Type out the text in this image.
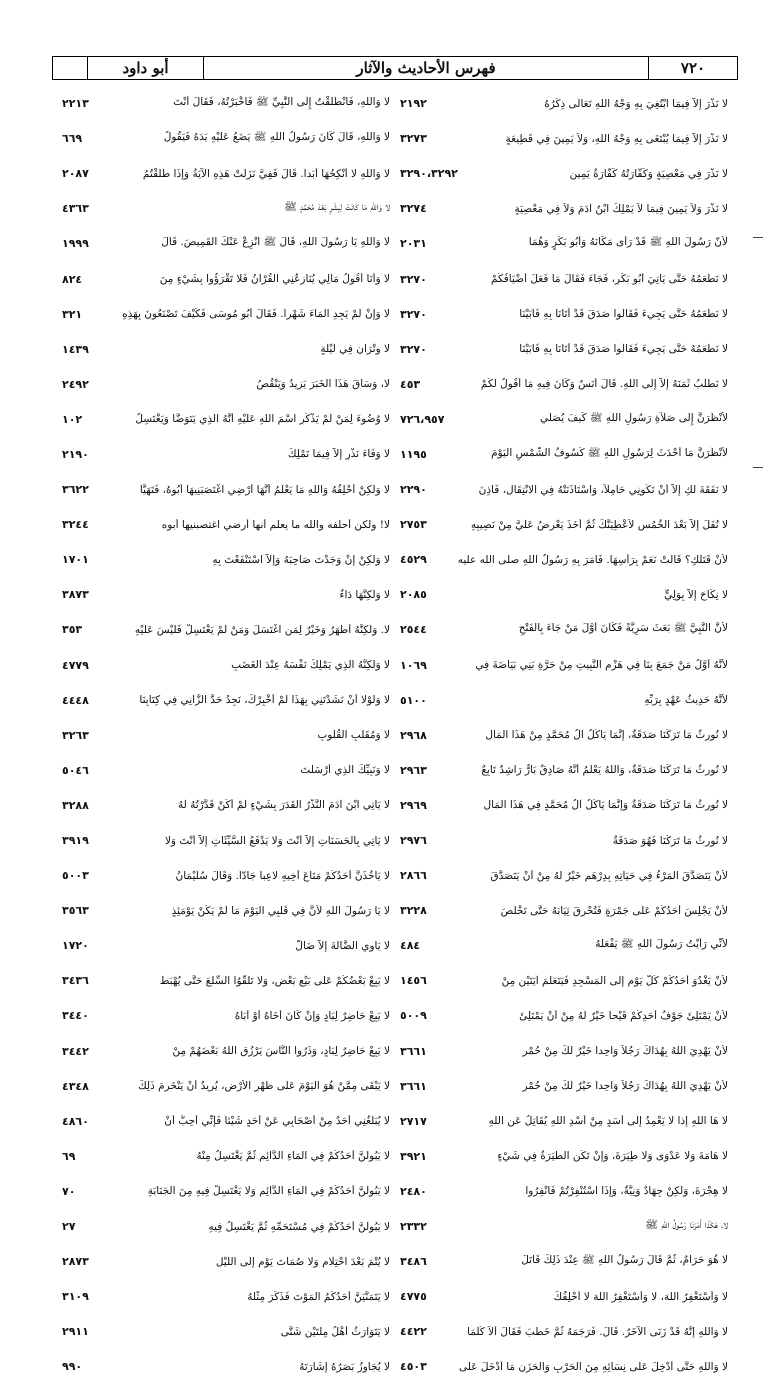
٧٢٠
فهرس الأحاديث والآثار
أبو داود
لا نَذْرَ إلاَّ فِيمَا ابْتُغِيَ بِهِ وَجْهُ اللهِ تَعَالَى ذِكْرُهُ
٢١٩٢
لا نَذْرَ إلاَّ فِيمَا يُبْتَغَى بِهِ وَجْهُ اللهِ، وَلاَ يَمِينَ فِي قَطِيعَةٍ
٣٢٧٣
لا نَذْرَ فِي مَعْصِيَةٍ وَكَفَّارَتُهُ كَفَّارَةُ يَمِينٍ
٣٢٩٠،٣٢٩٢
لا نَذْرَ وَلاَ يَمِينَ فِيمَا لاَ يَمْلِكُ ابْنُ آدَمَ وَلاَ فِي مَعْصِيَةٍ
٣٢٧٤
لأنّ رَسُولَ اللهِ ﷺ قَدْ رَأَى مَكَانَهُ وَأَبُو بَكْرٍ وَهُمَا
٢٠٣١
لا نَطْعَمُهُ حَتَّى يَأْتِيَ أَبُو بَكْرٍ، فَجَاءَ فَقَالَ مَا فَعَلَ أَضْيَافُكُمْ
٣٢٧٠
لا نَطْعَمُهُ حَتَّى يَجِيءَ فَقَالُوا صَدَقَ قَدْ أَتَانَا بِهِ فَأَبَيْنَا
٣٢٧٠
لا نَطْعَمُهُ حَتَّى يَجِيءَ فَقَالُوا صَدَقَ قَدْ أَتَانَا بِهِ فَأَبَيْنَا
٣٢٧٠
لا نَطْلُبُ ثَمَنَهُ إلاَّ إِلَى اللهِ. قَالَ أَنَسٌ وَكَانَ فِيهِ مَا أَقُولُ لَكُمْ
٤٥٣
لأَنْظُرَنَّ إِلَى صَلاَةِ رَسُولِ اللهِ ﷺ كَيفَ يُصَلِّي
٧٢٦،٩٥٧
لأَنْظُرَنَّ مَا أَحْدَثَ لِرَسُولِ اللهِ ﷺ كُسُوفُ الشَّمْسِ اليَوْمَ
١١٩٥
لا نَفَقَةَ لَكِ إِلاَّ أَنْ تَكُونِي حَامِلاً، وَاسْتَأْذَنَتْهُ فِي الانْتِقَالِ، فَأَذِنَ
٢٢٩٠
لا نُفَلَ إِلاَّ بَعْدَ الخُمُسِ لأُعْطِيَنَّكَ ثُمَّ أَخَذَ يَعْرِضُ عَلَيَّ مِنْ نَصِيبِهِ
٢٧٥٣
لأَنْ قَتَلَكِ؟ قَالَتْ نَعَمْ بِرَأْسِهَا. فَأَمَرَ بِهِ رَسُولُ اللهِ صلى الله عليه
٤٥٢٩
لا نِكَاحَ إِلاَّ بِوَلِيٍّ
٢٠٨٥
لأَنَّ النَّبِيَّ ﷺ بَعَثَ سَرِيَّةً فَكَانَ أَوَّلَ مَنْ جَاءَ بِالفَتْحِ
٢٥٤٤
لأَنَّهُ أَوَّلُ مَنْ جَمَعَ بِنَا فِي هَزْمِ النَّبِيتِ مِنْ حَرَّةِ بَنِي بَيَاضَةَ فِي
١٠٦٩
لأَنَّهُ حَدِيثُ عَهْدٍ بِرَبِّهِ
٥١٠٠
لا نُورِثُ مَا تَرَكْنَا صَدَقَةٌ، إِنَّمَا يَأْكُلُ آلُ مُحَمَّدٍ مِنْ هَذَا المَالِ
٢٩٦٨
لا نُورِثُ مَا تَرَكْنَا صَدَقَةٌ، وَاللهُ يَعْلَمُ أَنَّهُ صَادِقٌ بَارٌّ رَاشِدٌ تَابِعٌ
٢٩٦٣
لا نُورِثُ مَا تَرَكْنَا صَدَقَةٌ وَإِنَّمَا يَأْكُلُ آلُ مُحَمَّدٍ فِي هَذَا المَالِ
٢٩٦٩
لا نُورِثُ مَا تَرَكْنَا فَهُوَ صَدَقَةٌ
٢٩٧٦
لأَنْ يَتَصَدَّقَ المَرْءُ فِي حَيَاتِهِ بِدِرْهَمٍ خَيْرٌ لَهُ مِنْ أَنْ يَتَصَدَّقَ
٢٨٦٦
لأَنْ يَجْلِسَ أَحَدُكُمْ عَلَى جَمْرَةٍ فَتُحْرِقَ ثِيَابَهُ حَتَّى تَخْلُصَ
٣٢٢٨
لأَنِّي رَأَيْتُ رَسُولَ اللهِ ﷺ يَفْعَلُهُ
٤٨٤
لأَنْ يَغْدُوَ أَحَدُكُمْ كُلَّ يَوْمٍ إِلَى المَسْجِدِ فَيَتَعَلَّمَ آيَتَيْنِ مِنْ
١٤٥٦
لأَنْ يَمْتَلِئَ جَوْفُ أَحَدِكُمْ قَيْحاً خَيْرٌ لَهُ مِنْ أَنْ يَمْتَلِئَ
٥٠٠٩
لأَنْ يَهْدِيَ اللهُ بِهُدَاكَ رَجُلاً وَاحِداً خَيْرٌ لَكَ مِنْ حُمْرِ
٣٦٦١
لأَنْ يَهْدِيَ اللهُ بِهُدَاكَ رَجُلاً وَاحِداً خَيْرٌ لَكَ مِنْ حُمْرِ
٣٦٦١
لا هَا اللهِ إِذاً لا يَعْمِدُ إِلَى أَسَدٍ مِنْ أُسْدِ اللهِ يُقَاتِلُ عَنِ اللهِ
٢٧١٧
لا هَامَةَ وَلا عَدْوَى وَلا طِيَرَةَ، وَإِنْ تَكُنِ الطِّيَرَةُ فِي شَيْءٍ
٣٩٢١
لا هِجْرَةَ، وَلَكِنْ جِهَادٌ وَنِيَّةٌ، وَإِذَا اسْتُنْفِرْتُمْ فَانْفِرُوا
٢٤٨٠
لا، هَكَذَا أَمَرَنَا رَسُولُ اللهِ ﷺ
٢٣٣٢
لا هُوَ حَرَامٌ، ثُمَّ قَالَ رَسُولُ اللهِ ﷺ عِنْدَ ذَلِكَ قَاتَلَ
٣٤٨٦
لا وَأَسْتَغْفِرُ اللهَ، لا وَأَسْتَغْفِرُ اللهَ لا أَحْلِفُكَ
٤٧٧٥
لا وَاللهِ إِنَّهُ قَدْ زَنَى الآخَرُ. قَالَ. فَرَجَمَهُ ثُمَّ خَطَبَ فَقَالَ أَلاَ كُلَّمَا
٤٤٢٢
لا وَاللهِ حَتَّى أُدْخِلَ عَلَى نِسَائِهِ مِنَ الحَرْبِ وَالحَزَنِ مَا أَدْخَلَ عَلَى
٤٥٠٣
لا وَاللهِ، فَانْطَلَقْتُ إِلَى النَّبِيِّ ﷺ فَأَخْبَرْتُهُ، فَقَالَ أَنْتَ
٢٢١٣
لا وَاللهِ، قَالَ كَانَ رَسُولُ اللهِ ﷺ يَضَعُ عَلَيْهِ يَدَهُ فَيَقُولُ
٦٦٩
لا وَاللهِ لا أَنْكِحُهَا أَبَداً. قَالَ فَفِيَّ نَزَلَتْ هَذِهِ الآيَةُ وَإِذَا طَلَّقْتُمُ
٢٠٨٧
لا وَاللهِ مَا كَانَتْ لِبِشْرٍ بَعْدَ مُحَمَّدٍ ﷺ
٤٣٦٣
لا وَاللهِ يَا رَسُولَ اللهِ، قَالَ ﷺ انْزِعْ عَنْكَ القَمِيصَ. قَالَ
١٩٩٩
لا وَأَنَا أَقُولُ مَالِي يُنَازِعُنِي القُرْآنُ فَلا تَقْرَؤُوا بِشَيْءٍ مِنَ
٨٢٤
لا وَإِنْ لَمْ يَجِدِ المَاءَ شَهْراً. فَقَالَ أَبُو مُوسَى فَكَيْفَ تَصْنَعُونَ بِهَذِهِ
٣٢١
لا وِتْرَانِ فِي لَيْلَةٍ
١٤٣٩
لا، وَسَاقَ هَذَا الخَبَرَ يَزِيدُ وَيَنْقُصُ
٢٤٩٢
لا وُضُوءَ لِمَنْ لَمْ يَذْكُرِ اسْمَ اللهِ عَلَيْهِ أَنَّهُ الَّذِي يَتَوَضَّأُ وَيَغْتَسِلُ
١٠٢
لا وَفَاءَ نَذْرٍ إِلاَّ فِيمَا تَمْلِكُ
٢١٩٠
لا وَلَكِنْ أَحْلِفُهُ وَاللهِ مَا يَعْلَمُ أَنَّهَا أَرْضِي اغْتَصَبَنِيهَا أَبُوهُ، فَتَهَيَّأَ
٣٦٢٢
لا! ولكن أحلفه والله ما يعلم أنها أرضي اغتصبنيها أبوه
٣٢٤٤
لا وَلَكِنْ إِنْ وَجَدْتَ صَاحِبَهُ وَإِلاَّ اسْتَنْفَعْتَ بِهِ
١٧٠١
لا وَلَكِنَّهَا دَاءٌ
٣٨٧٣
لا. وَلَكِنَّهُ أَطْهَرُ وَخَيْرٌ لِمَنِ اغْتَسَلَ وَمَنْ لَمْ يَغْتَسِلْ فَلَيْسَ عَلَيْهِ
٣٥٣
لا وَلَكِنَّهُ الَّذِي يَمْلِكُ نَفْسَهُ عِنْدَ الغَضَبِ
٤٧٧٩
لا وَلَوْلا أَنْ نَشَدْتَنِي بِهَذَا لَمْ أُخْبِرْكَ، نَجِدُ حَدَّ الزَّانِي فِي كِتَابِنَا
٤٤٤٨
لا وَمُقَلِّبِ القُلُوبِ
٣٢٦٣
لا وَنَبِيِّكَ الَّذِي أَرْسَلْتَ
٥٠٤٦
لا يَأْتِي ابْنَ آدَمَ النَّذْرُ القَدَرَ بِشَيْءٍ لَمْ أَكُنْ قَدَّرْتُهُ لَهُ
٣٢٨٨
لا يَأْتِي بِالحَسَنَاتِ إِلاَّ أَنْتَ وَلا يَدْفَعُ السَّيِّئَاتِ إِلاَّ أَنْتَ وَلا
٣٩١٩
لا يَأْخُذَنَّ أَحَدُكُمْ مَتَاعَ أَخِيهِ لاعِباً جَادّاً. وَقَالَ سُلَيْمَانُ
٥٠٠٣
لا يَا رَسُولَ اللهِ لأَنَّ فِي قَلْبِي اليَوْمَ مَا لَمْ يَكُنْ يَوْمَئِذٍ
٣٥٦٣
لا يَأْوِي الضَّالَّةَ إِلاَّ ضَالٌّ
١٧٢٠
لا يَبِعْ بَعْضُكُمْ عَلَى بَيْعِ بَعْضٍ، وَلا تَلَقَّوُا السِّلَعَ حَتَّى يُهْبَطَ
٣٤٣٦
لا يَبِعْ حَاضِرٌ لِبَادٍ وَإِنْ كَانَ أَخَاهُ أَوْ أَبَاهُ
٣٤٤٠
لا يَبِعْ حَاضِرٌ لِبَادٍ، وَذَرُوا النَّاسَ يَرْزُقِ اللهُ بَعْضَهُمْ مِنْ
٣٤٤٢
لا يَبْقَى مِمَّنْ هُوَ اليَوْمَ عَلَى ظَهْرِ الأَرْضِ، يُرِيدُ أَنْ يَنْخَرِمَ ذَلِكَ
٤٣٤٨
لا يُبَلِّغُنِي أَحَدٌ مِنْ أَصْحَابِي عَنْ أَحَدٍ شَيْئاً فَإِنِّي أُحِبُّ أَنْ
٤٨٦٠
لا يَبُولَنَّ أَحَدُكُمْ فِي المَاءِ الدَّائِمِ ثُمَّ يَغْتَسِلُ مِنْهُ
٦٩
لا يَبُولَنَّ أَحَدُكُمْ فِي المَاءِ الدَّائِمِ وَلا يَغْتَسِلْ فِيهِ مِنَ الجَنَابَةِ
٧٠
لا يَبُولَنَّ أَحَدُكُمْ فِي مُسْتَحَمِّهِ ثُمَّ يَغْتَسِلُ فِيهِ
٢٧
لا يُتْمَ بَعْدَ احْتِلامٍ وَلا صُمَاتَ يَوْمٍ إِلَى اللَّيْلِ
٢٨٧٣
لا يَتَمَنَّيَنَّ أَحَدُكُمُ المَوْتَ فَذَكَرَ مِثْلَهُ
٣١٠٩
لا يَتَوَارَثُ أَهْلُ مِلَّتَيْنِ شَتَّى
٢٩١١
لا يُجَاوِزُ بَصَرُهُ إِشَارَتَهُ
٩٩٠
